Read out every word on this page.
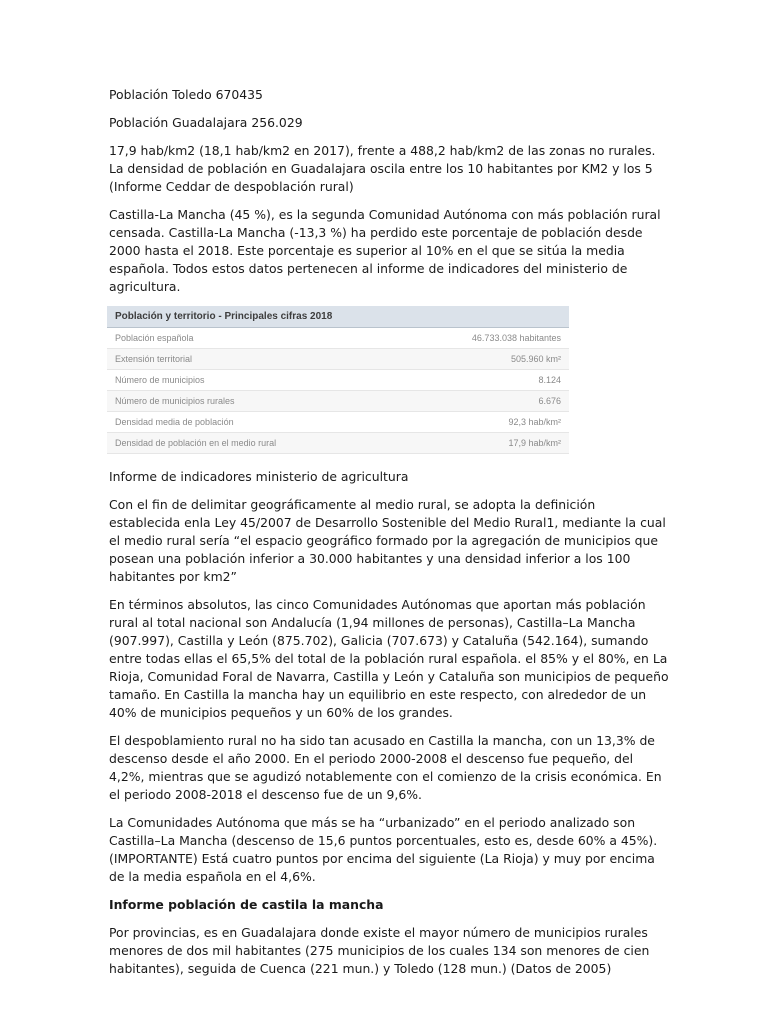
Población Toledo 670435

Población Guadalajara 256.029

17,9 hab/km2 (18,1 hab/km2 en 2017), frente a 488,2 hab/km2 de las zonas no rurales. La densidad de población en Guadalajara oscila entre los 10 habitantes por KM2 y los 5 (Informe Ceddar de despoblación rural)

Castilla-La Mancha (45 %), es la segunda Comunidad Autónoma con más población rural censada. Castilla-La Mancha (-13,3 %) ha perdido este porcentaje de población desde 2000 hasta el 2018. Este porcentaje es superior al 10% en el que se sitúa la media española. Todos estos datos pertenecen al informe de indicadores del ministerio de agricultura.

Población y territorio - Principales cifras 2018	
Población española	46.733.038 habitantes
Extensión territorial	505.960 km²
Número de municipios	8.124
Número de municipios rurales	6.676
Densidad media de población	92,3 hab/km²
Densidad de población en el medio rural	17,9 hab/km²

Informe de indicadores ministerio de agricultura

Con el fin de delimitar geográficamente al medio rural, se adopta la definición establecida enla Ley 45/2007 de Desarrollo Sostenible del Medio Rural1, mediante la cual el medio rural sería “el espacio geográfico formado por la agregación de municipios que posean una población inferior a 30.000 habitantes y una densidad inferior a los 100 habitantes por km2”

En términos absolutos, las cinco Comunidades Autónomas que aportan más población rural al total nacional son Andalucía (1,94 millones de personas), Castilla–La Mancha (907.997), Castilla y León (875.702), Galicia (707.673) y Cataluña (542.164), sumando entre todas ellas el 65,5% del total de la población rural española. el 85% y el 80%, en La Rioja, Comunidad Foral de Navarra, Castilla y León y Cataluña son municipios de pequeño tamaño. En Castilla la mancha hay un equilibrio en este respecto, con alrededor de un 40% de municipios pequeños y un 60% de los grandes.

El despoblamiento rural no ha sido tan acusado en Castilla la mancha, con un 13,3% de descenso desde el año 2000. En el periodo 2000-2008 el descenso fue pequeño, del 4,2%, mientras que se agudizó notablemente con el comienzo de la crisis económica. En el periodo 2008-2018 el descenso fue de un 9,6%.

La Comunidades Autónoma que más se ha “urbanizado” en el periodo analizado son Castilla–La Mancha (descenso de 15,6 puntos porcentuales, esto es, desde 60% a 45%). (IMPORTANTE) Está cuatro puntos por encima del siguiente (La Rioja) y muy por encima de la media española en el 4,6%.

Informe población de castila la mancha

Por provincias, es en Guadalajara donde existe el mayor número de municipios rurales menores de dos mil habitantes (275 municipios de los cuales 134 son menores de cien habitantes), seguida de Cuenca (221 mun.) y Toledo (128 mun.) (Datos de 2005)
